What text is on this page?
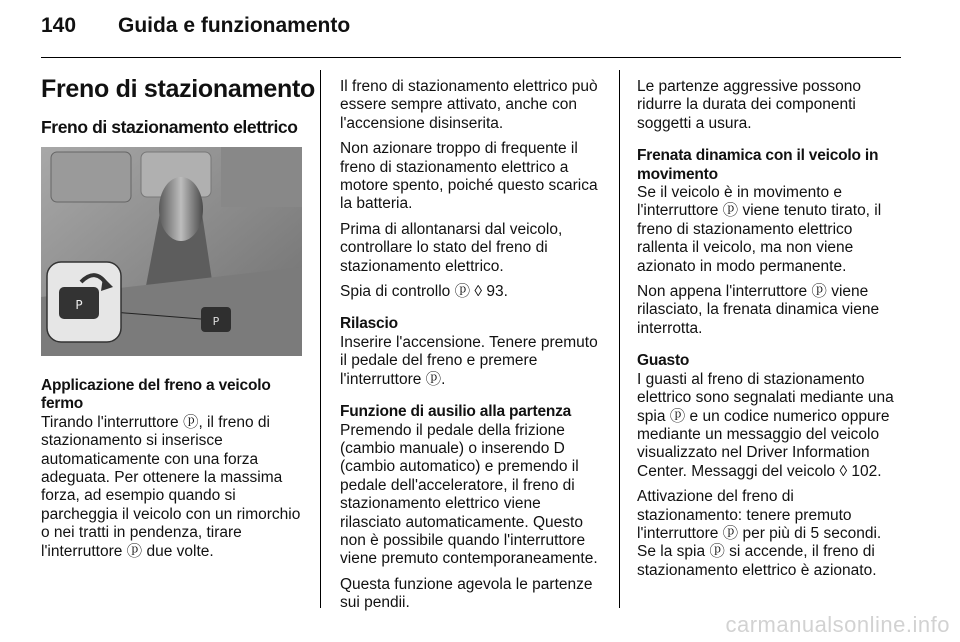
140 Guida e funzionamento
Freno di stazionamento
Freno di stazionamento elettrico
P
P
Applicazione del freno a veicolo fermo

Tirando l'interruttore ⓟ, il freno di stazionamento si inserisce automaticamente con una forza adeguata. Per ottenere la massima forza, ad esempio quando si parcheggia il veicolo con un rimorchio o nei tratti in pendenza, tirare l'interruttore ⓟ due volte.

Il freno di stazionamento elettrico può essere sempre attivato, anche con l'accensione disinserita.

Non azionare troppo di frequente il freno di stazionamento elettrico a motore spento, poiché questo scarica la batteria.

Prima di allontanarsi dal veicolo, controllare lo stato del freno di stazionamento elettrico.

Spia di controllo ⓟ ◊ 93.

Rilascio

Inserire l'accensione. Tenere premuto il pedale del freno e premere l'interruttore ⓟ.

Funzione di ausilio alla partenza

Premendo il pedale della frizione (cambio manuale) o inserendo D (cambio automatico) e premendo il pedale dell'acceleratore, il freno di stazionamento elettrico viene rilasciato automaticamente. Questo non è possibile quando l'interruttore viene premuto contemporaneamente.

Questa funzione agevola le partenze sui pendii.

Le partenze aggressive possono ridurre la durata dei componenti soggetti a usura.

Frenata dinamica con il veicolo in movimento

Se il veicolo è in movimento e l'interruttore ⓟ viene tenuto tirato, il freno di stazionamento elettrico rallenta il veicolo, ma non viene azionato in modo permanente.

Non appena l'interruttore ⓟ viene rilasciato, la frenata dinamica viene interrotta.

Guasto

I guasti al freno di stazionamento elettrico sono segnalati mediante una spia ⓟ e un codice numerico oppure mediante un messaggio del veicolo visualizzato nel Driver Information Center. Messaggi del veicolo ◊ 102.

Attivazione del freno di stazionamento: tenere premuto l'interruttore ⓟ per più di 5 secondi. Se la spia ⓟ si accende, il freno di stazionamento elettrico è azionato.

carmanualsonline.info
